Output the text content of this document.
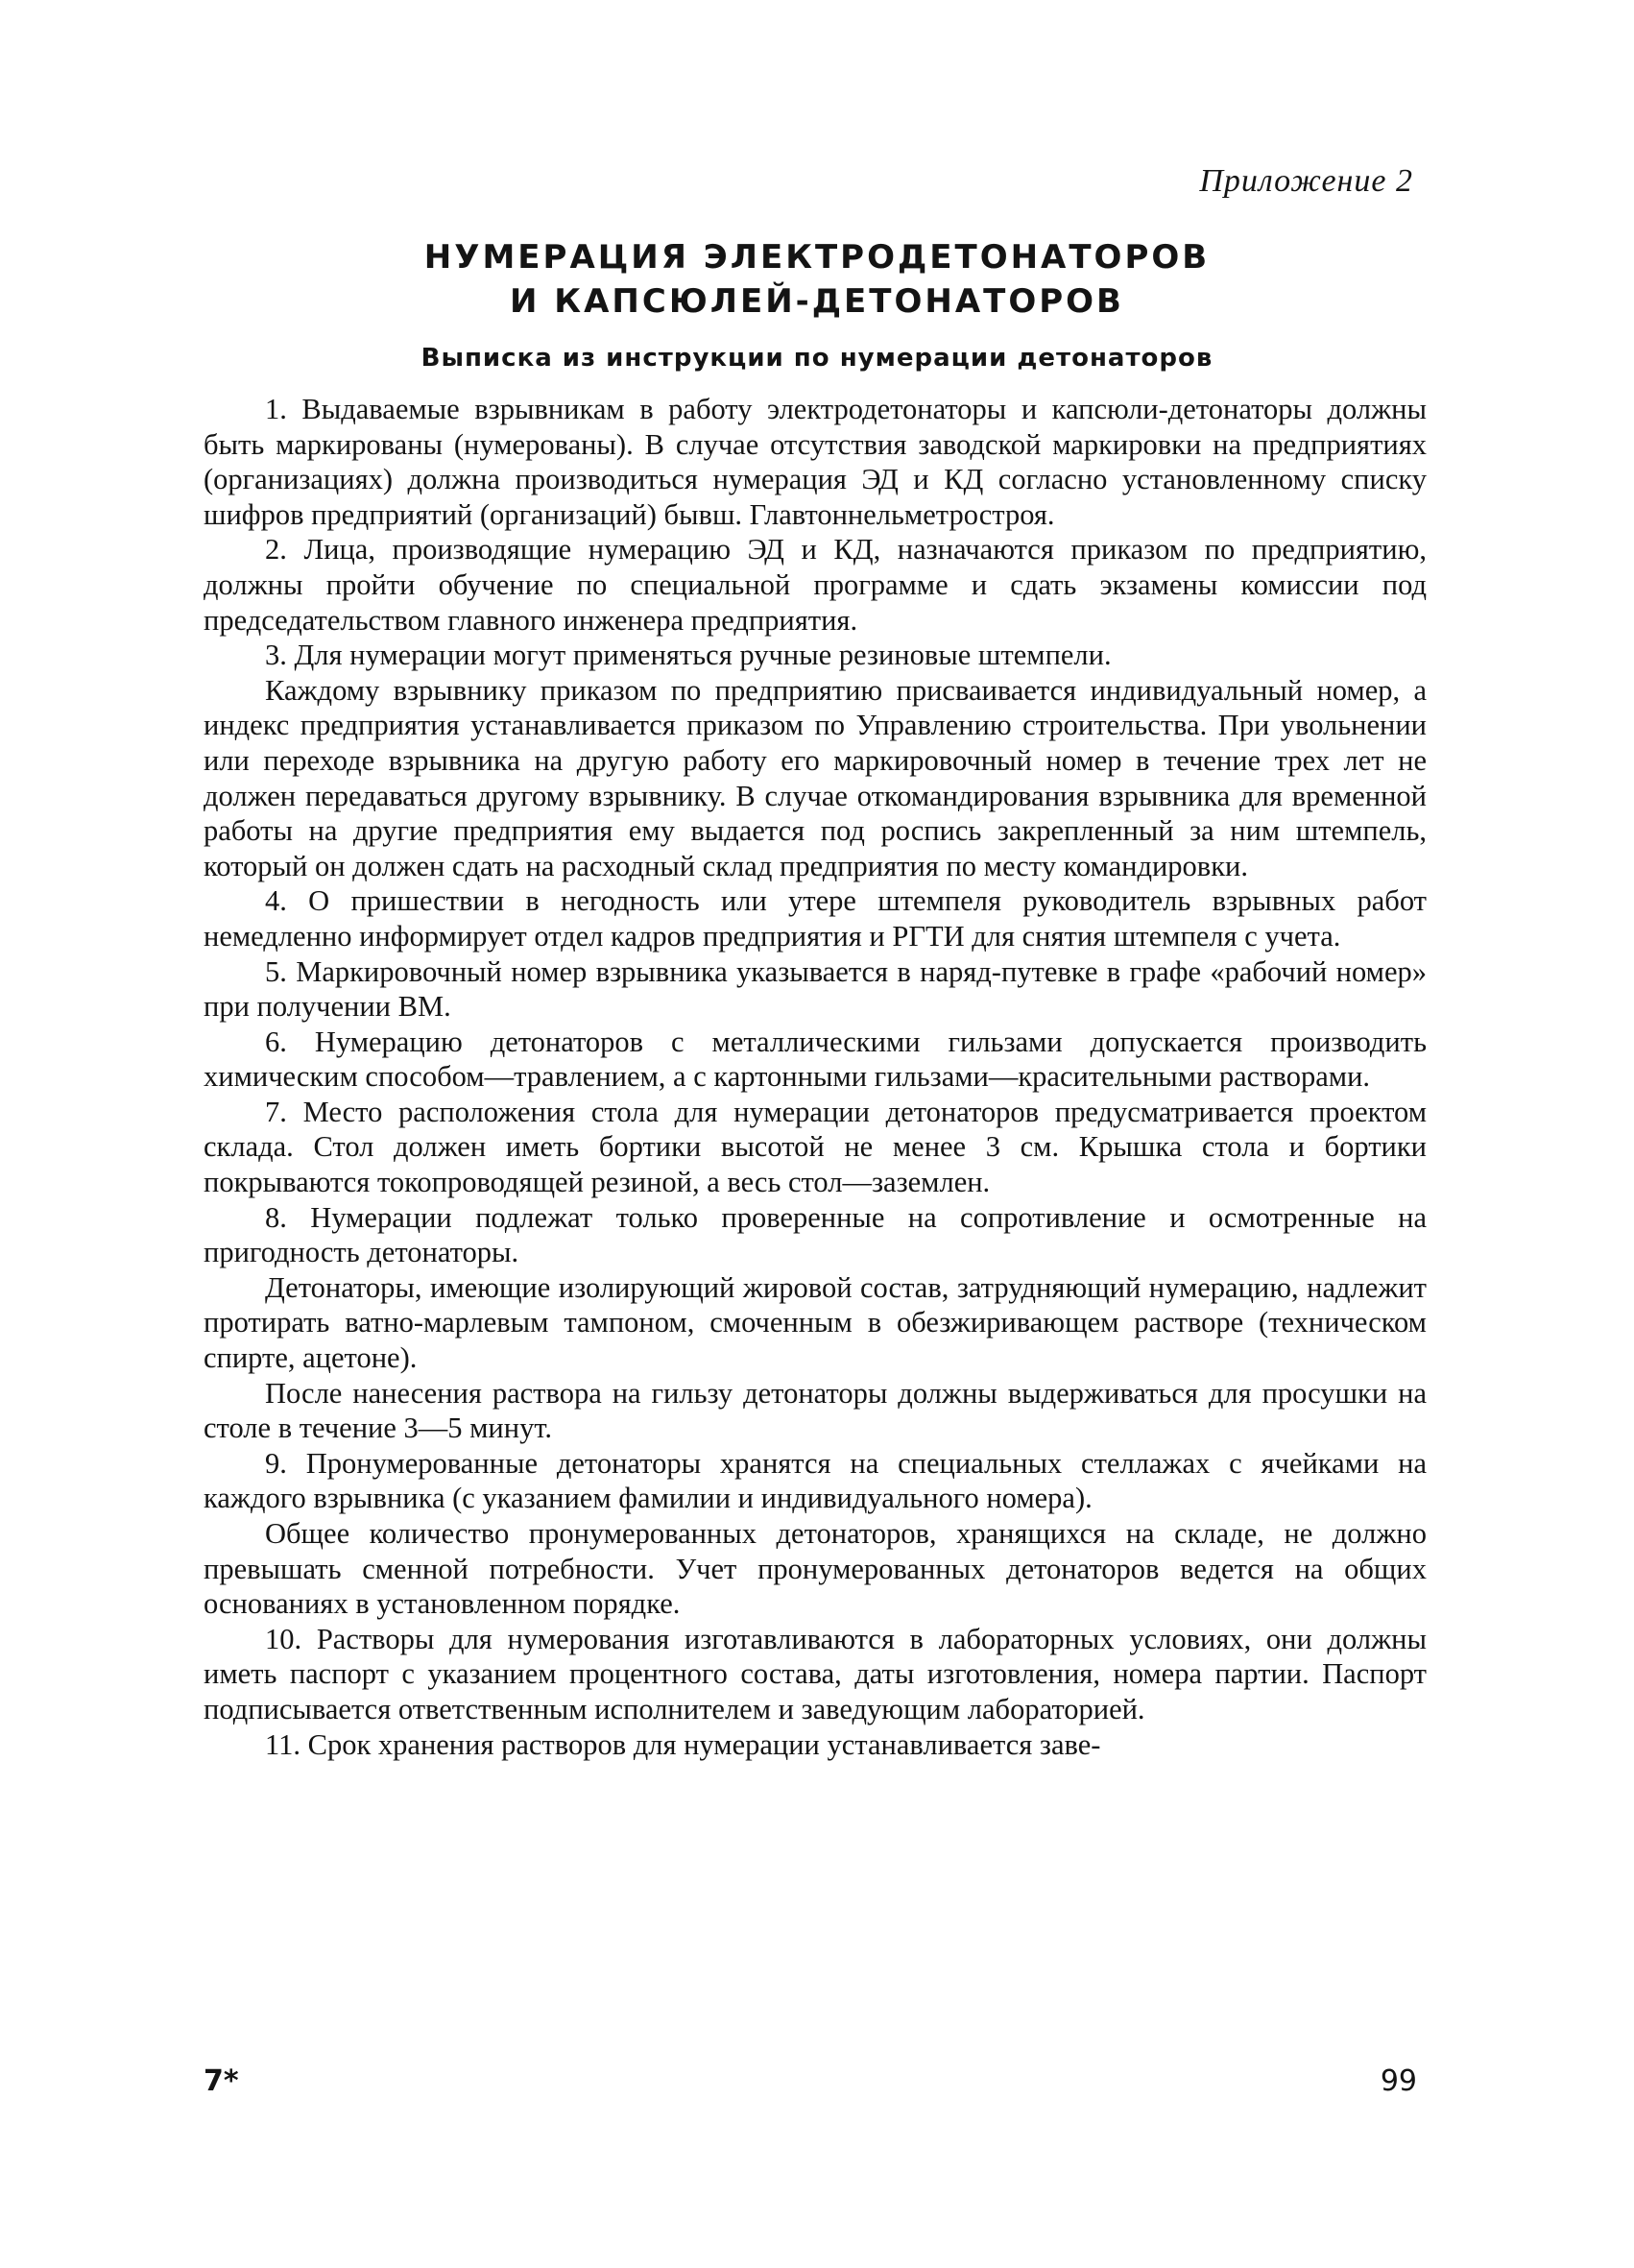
Приложение 2
НУМЕРАЦИЯ ЭЛЕКТРОДЕТОНАТОРОВ
И КАПСЮЛЕЙ-ДЕТОНАТОРОВ
Выписка из инструкции по нумерации детонаторов

1. Выдаваемые взрывникам в работу электродетонаторы и капсюли-детонаторы должны быть маркированы (нумерованы). В случае отсутствия заводской маркировки на предприятиях (организациях) должна производиться нумерация ЭД и КД согласно установленному списку шифров предприятий (организаций) бывш. Главтоннельметростроя.

2. Лица, производящие нумерацию ЭД и КД, назначаются приказом по предприятию, должны пройти обучение по специальной программе и сдать экзамены комиссии под председательством главного инженера предприятия.

3. Для нумерации могут применяться ручные резиновые штемпели.

Каждому взрывнику приказом по предприятию присваивается индивидуальный номер, а индекс предприятия устанавливается приказом по Управлению строительства. При увольнении или переходе взрывника на другую работу его маркировочный номер в течение трех лет не должен передаваться другому взрывнику. В случае откомандирования взрывника для временной работы на другие предприятия ему выдается под роспись закрепленный за ним штемпель, который он должен сдать на расходный склад предприятия по месту командировки.

4. О пришествии в негодность или утере штемпеля руководитель взрывных работ немедленно информирует отдел кадров предприятия и РГТИ для снятия штемпеля с учета.

5. Маркировочный номер взрывника указывается в наряд-путевке в графе «рабочий номер» при получении ВМ.

6. Нумерацию детонаторов с металлическими гильзами допускается производить химическим способом—травлением, а с картонными гильзами—красительными растворами.

7. Место расположения стола для нумерации детонаторов предусматривается проектом склада. Стол должен иметь бортики высотой не менее 3 см. Крышка стола и бортики покрываются токопроводящей резиной, а весь стол—заземлен.

8. Нумерации подлежат только проверенные на сопротивление и осмотренные на пригодность детонаторы.

Детонаторы, имеющие изолирующий жировой состав, затрудняющий нумерацию, надлежит протирать ватно-марлевым тампоном, смоченным в обезжиривающем растворе (техническом спирте, ацетоне).

После нанесения раствора на гильзу детонаторы должны выдерживаться для просушки на столе в течение 3—5 минут.

9. Пронумерованные детонаторы хранятся на специальных стеллажах с ячейками на каждого взрывника (с указанием фамилии и индивидуального номера).

Общее количество пронумерованных детонаторов, хранящихся на складе, не должно превышать сменной потребности. Учет пронумерованных детонаторов ведется на общих основаниях в установленном порядке.

10. Растворы для нумерования изготавливаются в лабораторных условиях, они должны иметь паспорт с указанием процентного состава, даты изготовления, номера партии. Паспорт подписывается ответственным исполнителем и заведующим лабораторией.

11. Срок хранения растворов для нумерации устанавливается заве-

7*	99
